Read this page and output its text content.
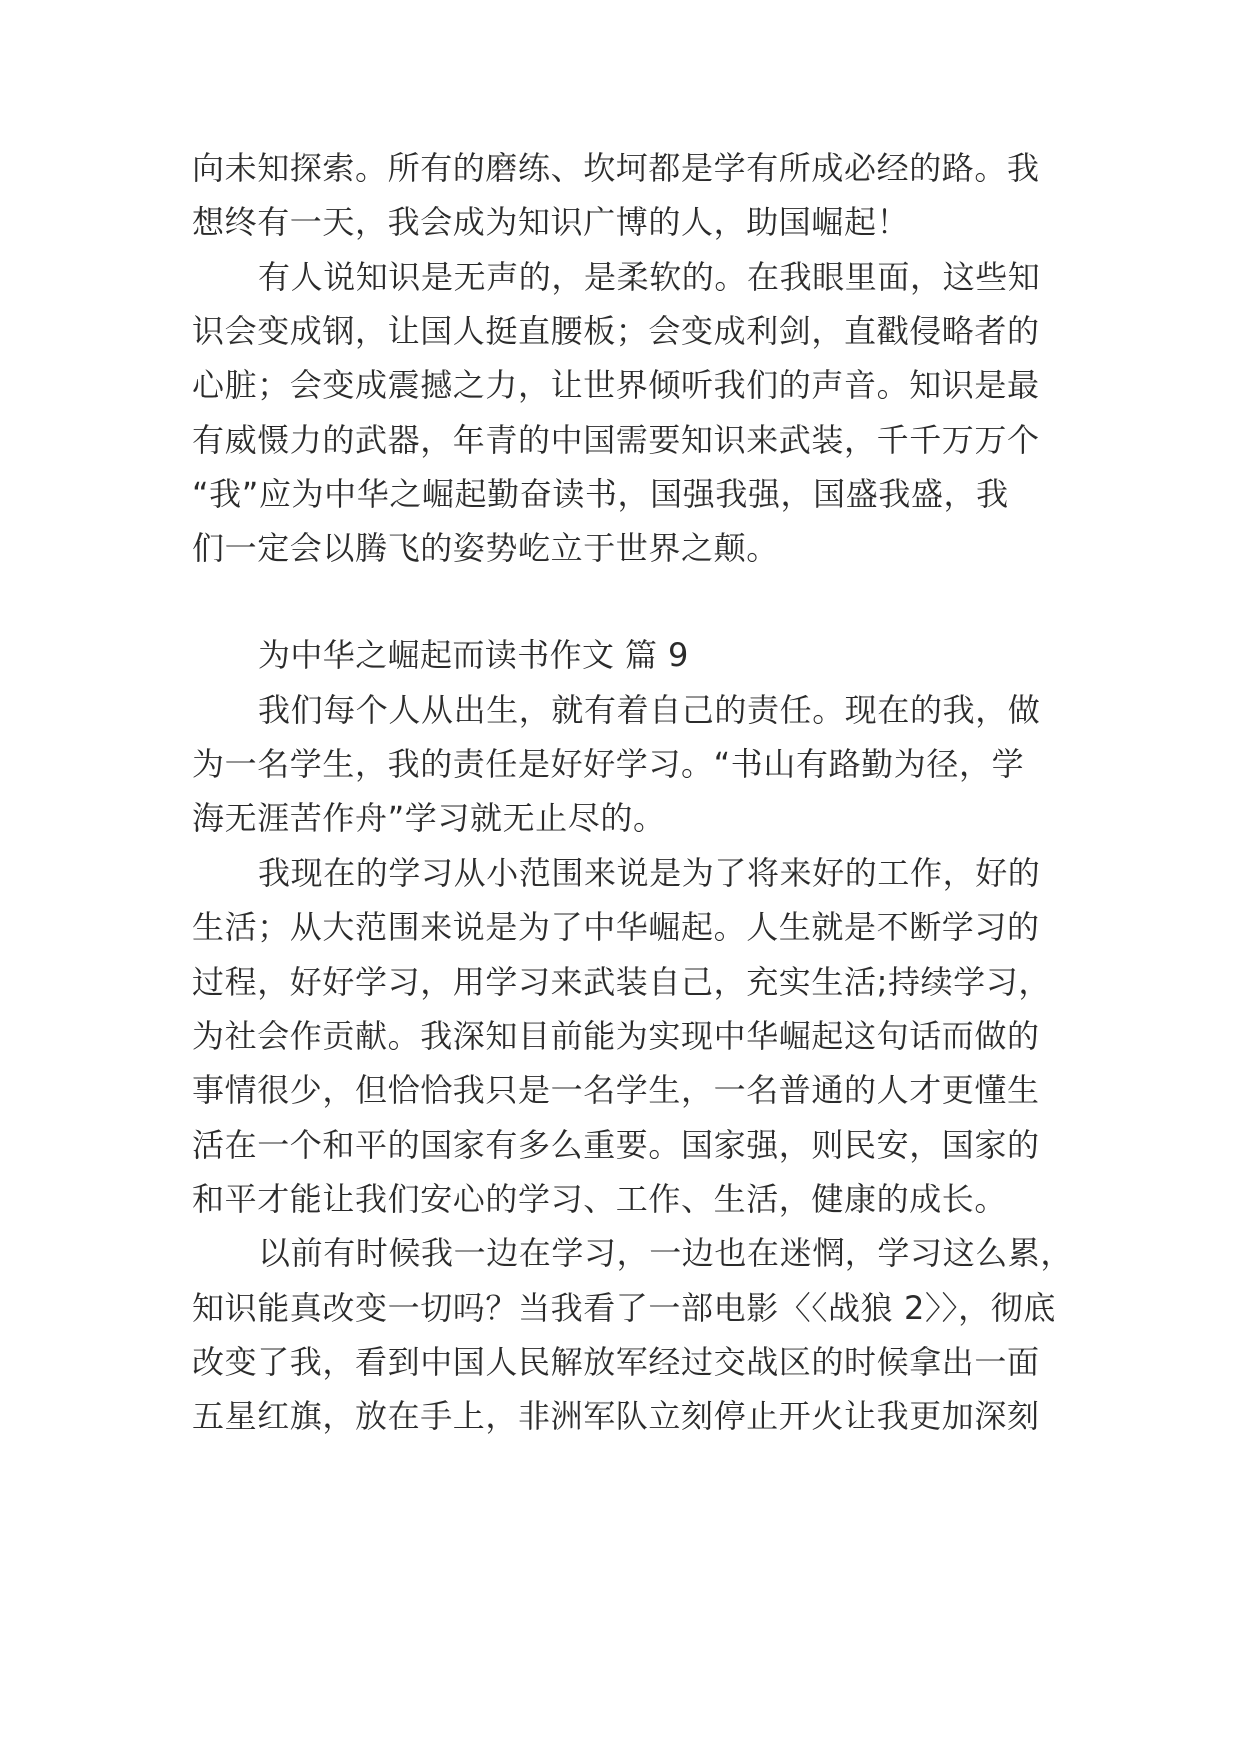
向未知探索。所有的磨练、坎坷都是学有所成必经的路。我
想终有一天，我会成为知识广博的人，助国崛起！
有人说知识是无声的，是柔软的。在我眼里面，这些知
识会变成钢，让国人挺直腰板；会变成利剑，直戳侵略者的
心脏；会变成震撼之力，让世界倾听我们的声音。知识是最
有威慑力的武器，年青的中国需要知识来武装，千千万万个
“我”应为中华之崛起勤奋读书，国强我强，国盛我盛，我
们一定会以腾飞的姿势屹立于世界之颠。
为中华之崛起而读书作文 篇 9
我们每个人从出生，就有着自己的责任。现在的我，做
为一名学生，我的责任是好好学习。“书山有路勤为径，学
海无涯苦作舟”学习就无止尽的。
我现在的学习从小范围来说是为了将来好的工作，好的
生活；从大范围来说是为了中华崛起。人生就是不断学习的
过程，好好学习，用学习来武装自己，充实生活;持续学习，
为社会作贡献。我深知目前能为实现中华崛起这句话而做的
事情很少，但恰恰我只是一名学生，一名普通的人才更懂生
活在一个和平的国家有多么重要。国家强，则民安，国家的
和平才能让我们安心的学习、工作、生活，健康的成长。
以前有时候我一边在学习，一边也在迷惘，学习这么累，
知识能真改变一切吗？当我看了一部电影〈〈战狼 2〉〉，彻底
改变了我，看到中国人民解放军经过交战区的时候拿出一面
五星红旗，放在手上，非洲军队立刻停止开火让我更加深刻
